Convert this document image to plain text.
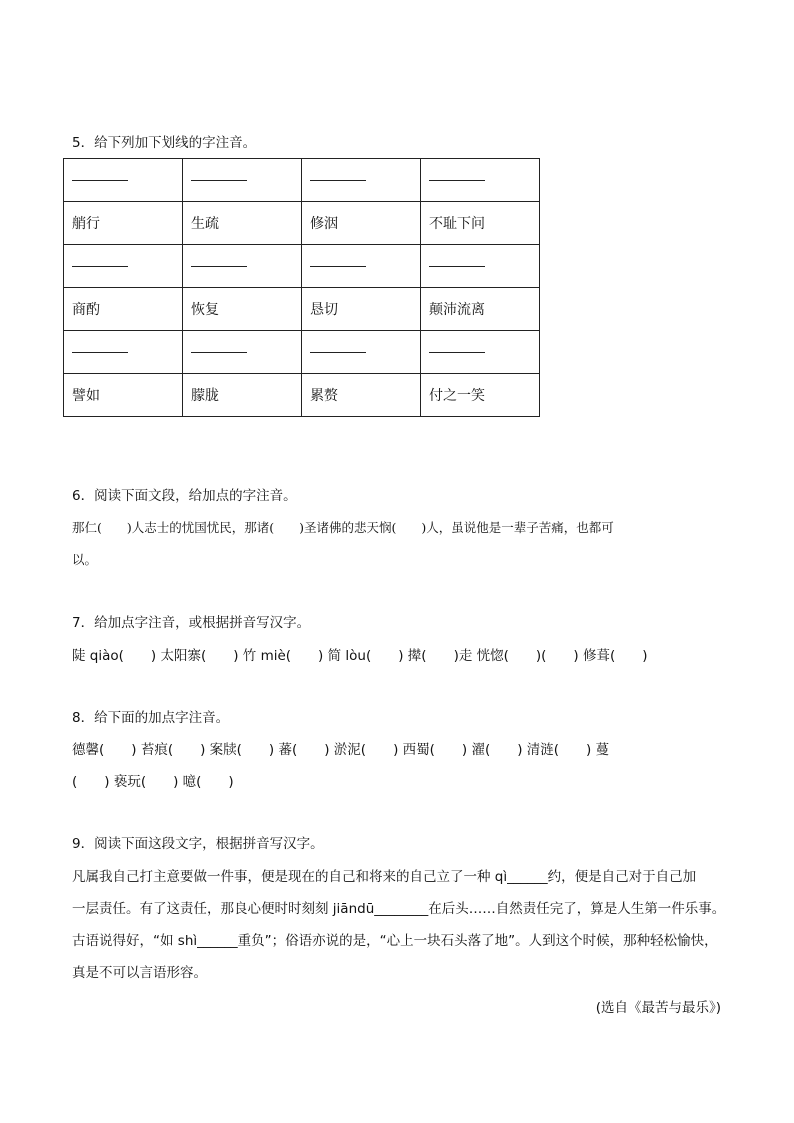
5．给下列加下划线的字注音。

艄行	生疏	修洇	不耻下问

商酌	恢复	恳切	颠沛流离

譬如	朦胧	累赘	付之一笑
6．阅读下面文段，给加点的字注音。
那仁(　　)人志士的忧国忧民，那诸(　　)圣诸佛的悲天悯(　　)人，虽说他是一辈子苦痛，也都可
以。
7．给加点字注音，或根据拼音写汉字。
陡 qiào(　　) 太阳寨(　　) 竹 miè(　　) 简 lòu(　　) 撵(　　)走 恍惚(　　)(　　) 修葺(　　)
8．给下面的加点字注音。
德馨(　　) 苔痕(　　) 案牍(　　) 蕃(　　) 淤泥(　　) 西蜀(　　) 濯(　　) 清涟(　　) 蔓
(　　) 亵玩(　　) 噫(　　)
9．阅读下面这段文字，根据拼音写汉字。
凡属我自己打主意要做一件事，便是现在的自己和将来的自己立了一种 qì______约，便是自己对于自己加
一层责任。有了这责任，那良心便时时刻刻 jiāndū________在后头……自然责任完了，算是人生第一件乐事。
古语说得好，“如 shì______重负”；俗语亦说的是，“心上一块石头落了地”。人到这个时候，那种轻松愉快，
真是不可以言语形容。
(选自《最苦与最乐》)
